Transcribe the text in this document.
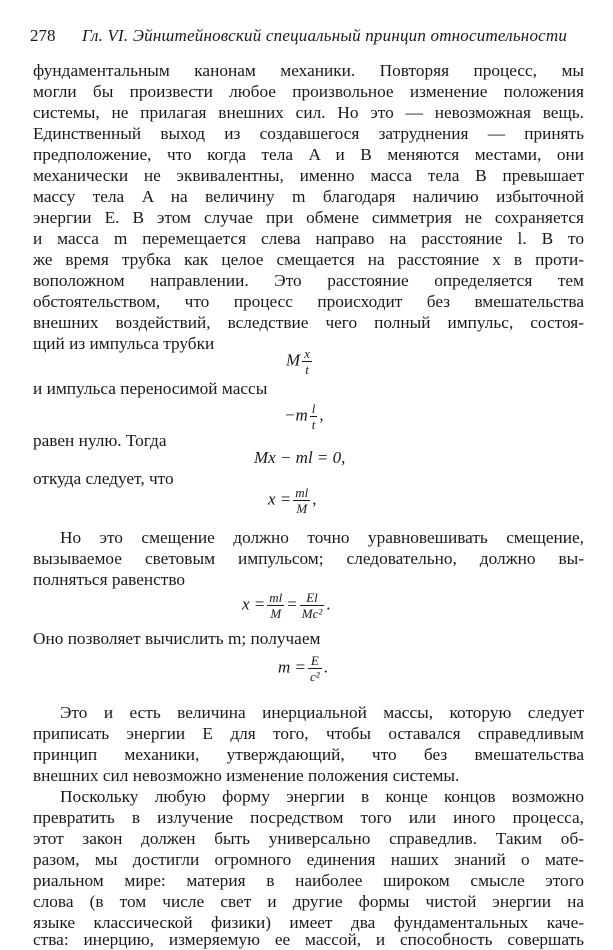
278 Гл. VI. Эйнштейновский специальный принцип относительности
фундаментальным канонам механики. Повторяя процесс, мы
могли бы произвести любое произвольное изменение положения
системы, не прилагая внешних сил. Но это — невозможная вещь.
Единственный выход из создавшегося затруднения — принять
предположение, что когда тела A и B меняются местами, они
механически не эквивалентны, именно масса тела B превышает
массу тела A на величину m благодаря наличию избыточной
энергии E. В этом случае при обмене симметрия не сохраняется
и масса m перемещается слева направо на расстояние l. В то
же время трубка как целое смещается на расстояние x в проти-
воположном направлении. Это расстояние определяется тем
обстоятельством, что процесс происходит без вмешательства
внешних воздействий, вследствие чего полный импульс, состоя-
щий из импульса трубки
M $\frac{x}{t}$
и импульса переносимой массы
$-m \frac{l}{t}$ ,
равен нулю. Тогда
Mx − ml = 0,
откуда следует, что
$x = \frac{ml}{M}$ ,
Но это смещение должно точно уравновешивать смещение,
вызываемое световым импульсом; следовательно, должно вы-
полняться равенство
$x = \frac{ml}{M} = \frac{El}{\text{Mc²}}$ .
Оно позволяет вычислить m; получаем
$m = \frac{E}{\text{c²}}$ .
Это и есть величина инерциальной массы, которую следует
приписать энергии E для того, чтобы оставался справедливым
принцип механики, утверждающий, что без вмешательства
внешних сил невозможно изменение положения системы.
Поскольку любую форму энергии в конце концов возможно
превратить в излучение посредством того или иного процесса,
этот закон должен быть универсально справедлив. Таким об-
разом, мы достигли огромного единения наших знаний о мате-
риальном мире: материя в наиболее широком смысле этого
слова (в том числе свет и другие формы чистой энергии на
языке классической физики) имеет два фундаментальных каче-
ства: инерцию, измеряемую ее массой, и способность совершать
